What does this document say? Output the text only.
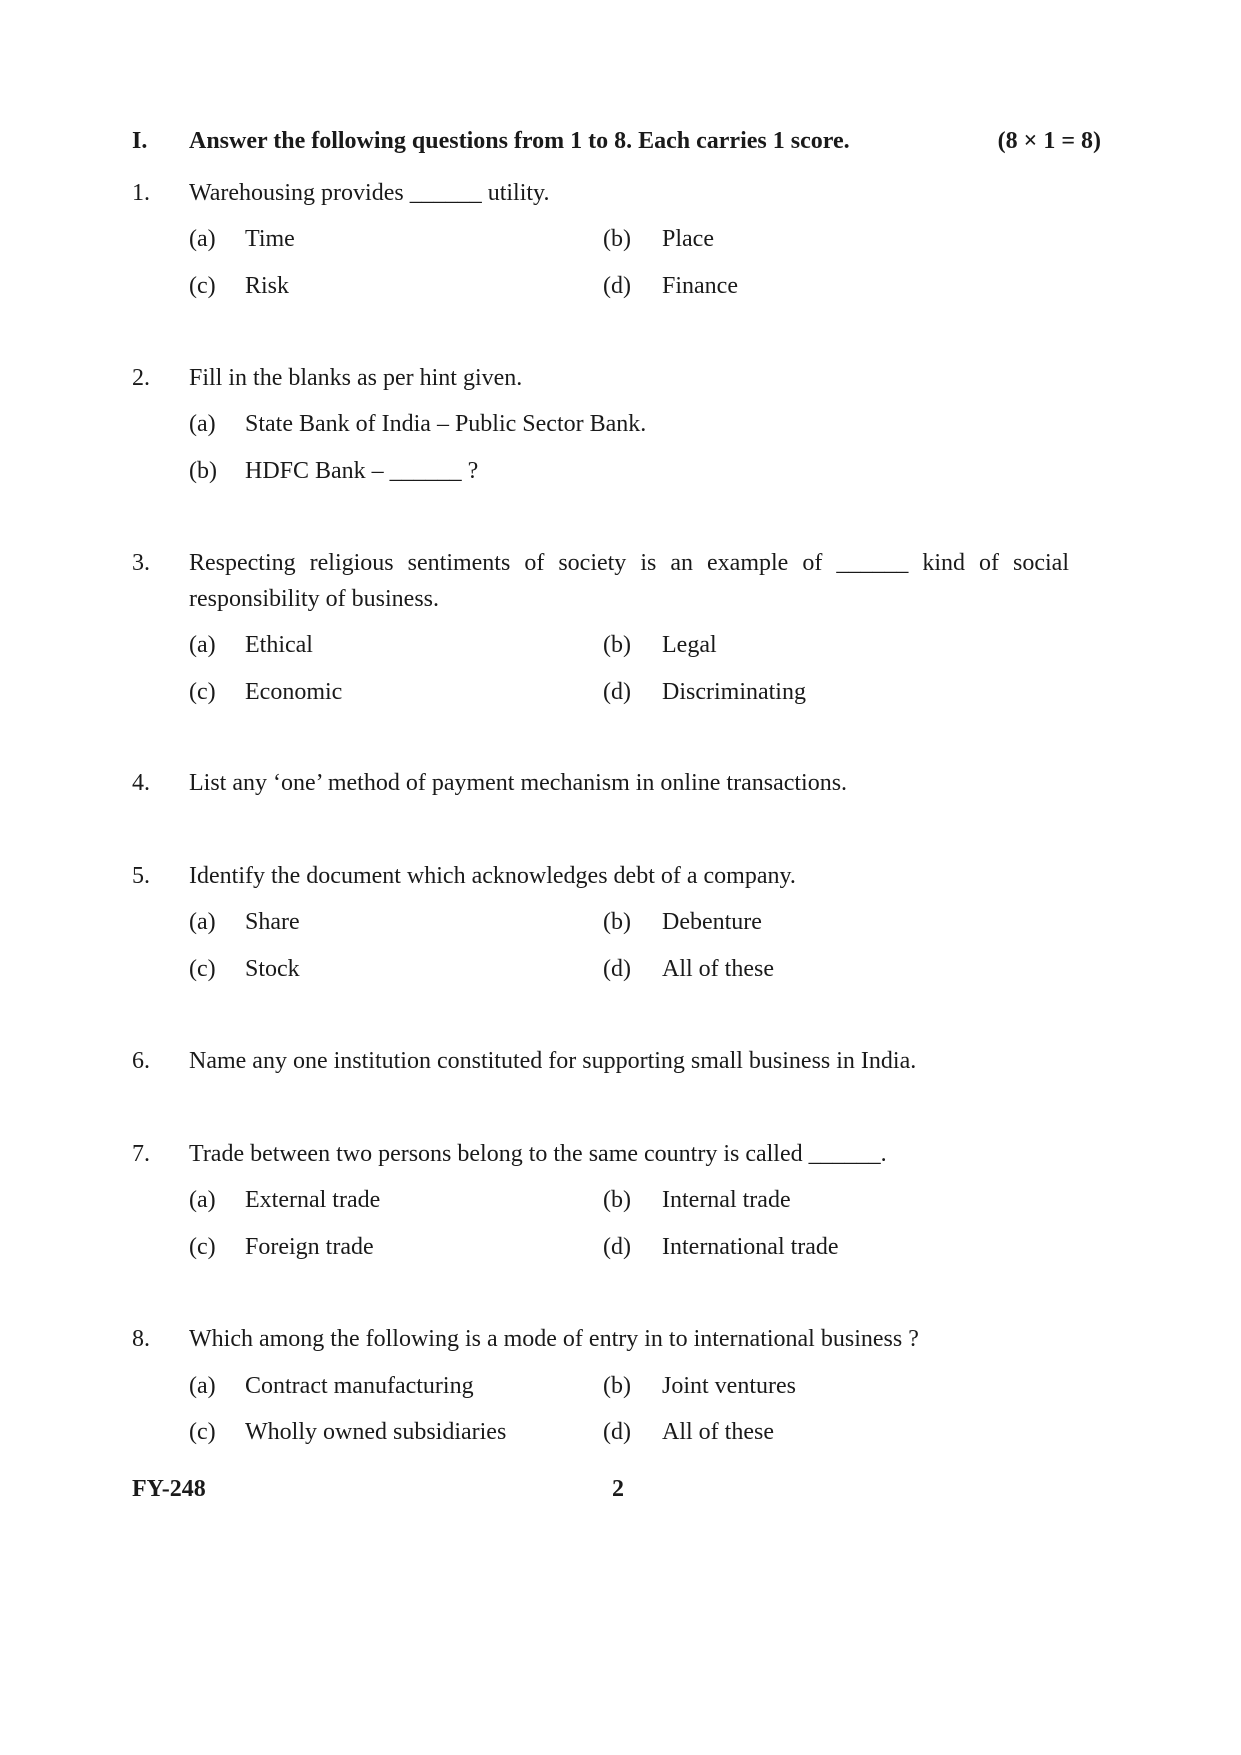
I. Answer the following questions from 1 to 8. Each carries 1 score.	(8 × 1 = 8)
1. Warehousing provides ______ utility.
(a) Time	(b) Place
(c) Risk	(d) Finance
2. Fill in the blanks as per hint given.
(a) State Bank of India – Public Sector Bank.
(b) HDFC Bank – ______ ?
3. Respecting religious sentiments of society is an example of ______ kind of social
responsibility of business.
(a) Ethical	(b) Legal
(c) Economic	(d) Discriminating
4. List any ‘one’ method of payment mechanism in online transactions.
5. Identify the document which acknowledges debt of a company.
(a) Share	(b) Debenture
(c) Stock	(d) All of these
6. Name any one institution constituted for supporting small business in India.
7. Trade between two persons belong to the same country is called ______.
(a) External trade	(b) Internal trade
(c) Foreign trade	(d) International trade
8. Which among the following is a mode of entry in to international business ?
(a) Contract manufacturing	(b) Joint ventures
(c) Wholly owned subsidiaries	(d) All of these
FY-248	2
